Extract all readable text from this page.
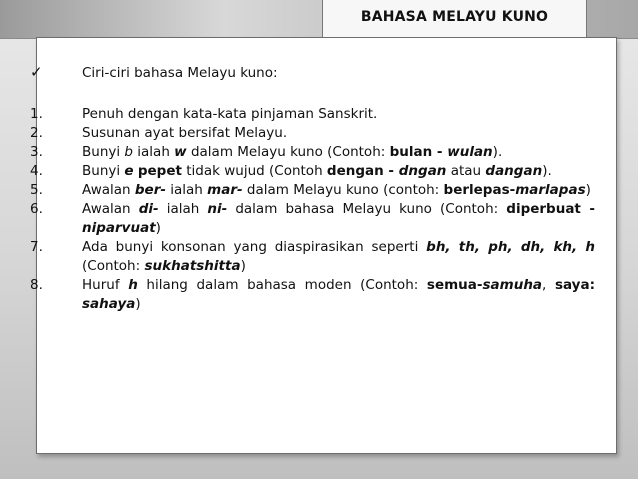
BAHASA MELAYU KUNO
✓	Ciri-ciri bahasa Melayu kuno:
1.	Penuh dengan kata-kata pinjaman Sanskrit.
2.	Susunan ayat bersifat Melayu.
3.	Bunyi b ialah w dalam Melayu kuno (Contoh: bulan - wulan).
4.	Bunyi e pepet tidak wujud (Contoh dengan - dngan atau dangan).
5.	Awalan ber- ialah mar- dalam Melayu kuno (contoh: berlepas-marlapas)
6.	Awalan di- ialah ni- dalam bahasa Melayu kuno (Contoh: diperbuat - niparvuat)
7.	Ada bunyi konsonan yang diaspirasikan seperti bh, th, ph, dh, kh, h (Contoh: sukhatshitta)
8.	Huruf h hilang dalam bahasa moden (Contoh: semua-samuha, saya: sahaya)
